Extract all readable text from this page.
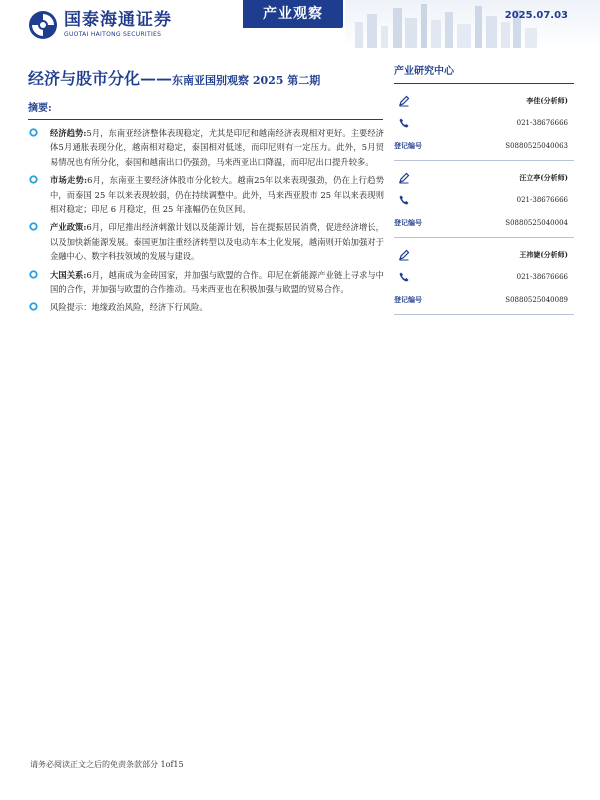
国泰海通证券
GUOTAI HAITONG SECURITIES
产业观察	2025.07.03
经济与股市分化——东南亚国别观察 2025 第二期
摘要:
经济趋势:5月，东南亚经济整体表现稳定，尤其是印尼和越南经济表现相对更好。主要经济体5月通胀表现分化，越南相对稳定，泰国相对低迷，而印尼则有一定压力。此外，5月贸易情况也有所分化，泰国和越南出口仍强劲，马来西亚出口降温，而印尼出口提升较多。
市场走势:6月，东南亚主要经济体股市分化较大。越南25年以来表现强劲，仍在上行趋势中，而泰国 25 年以来表现较弱，仍在持续调整中。此外，马来西亚股市 25 年以来表现则相对稳定；印尼 6 月稳定，但 25 年涨幅仍在负区间。
产业政策:6月，印尼推出经济刺激计划以及能源计划，旨在提振居民消费，促进经济增长，以及加快新能源发展。泰国更加注重经济转型以及电动车本土化发展，越南则开始加强对于金融中心、数字科技领域的发展与建设。
大国关系:6月，越南成为金砖国家，并加强与欧盟的合作。印尼在新能源产业链上寻求与中国的合作，并加强与欧盟的合作推动。马来西亚也在积极加强与欧盟的贸易合作。
风险提示：地缘政治风险，经济下行风险。
产业研究中心
李佳(分析师)
021-38676666
登记编号	S0880525040063
汪立亭(分析师)
021-38676666
登记编号	S0880525040004
王祎婕(分析师)
021-38676666
登记编号	S0880525040089
请务必阅读正文之后的免责条款部分 1of15
